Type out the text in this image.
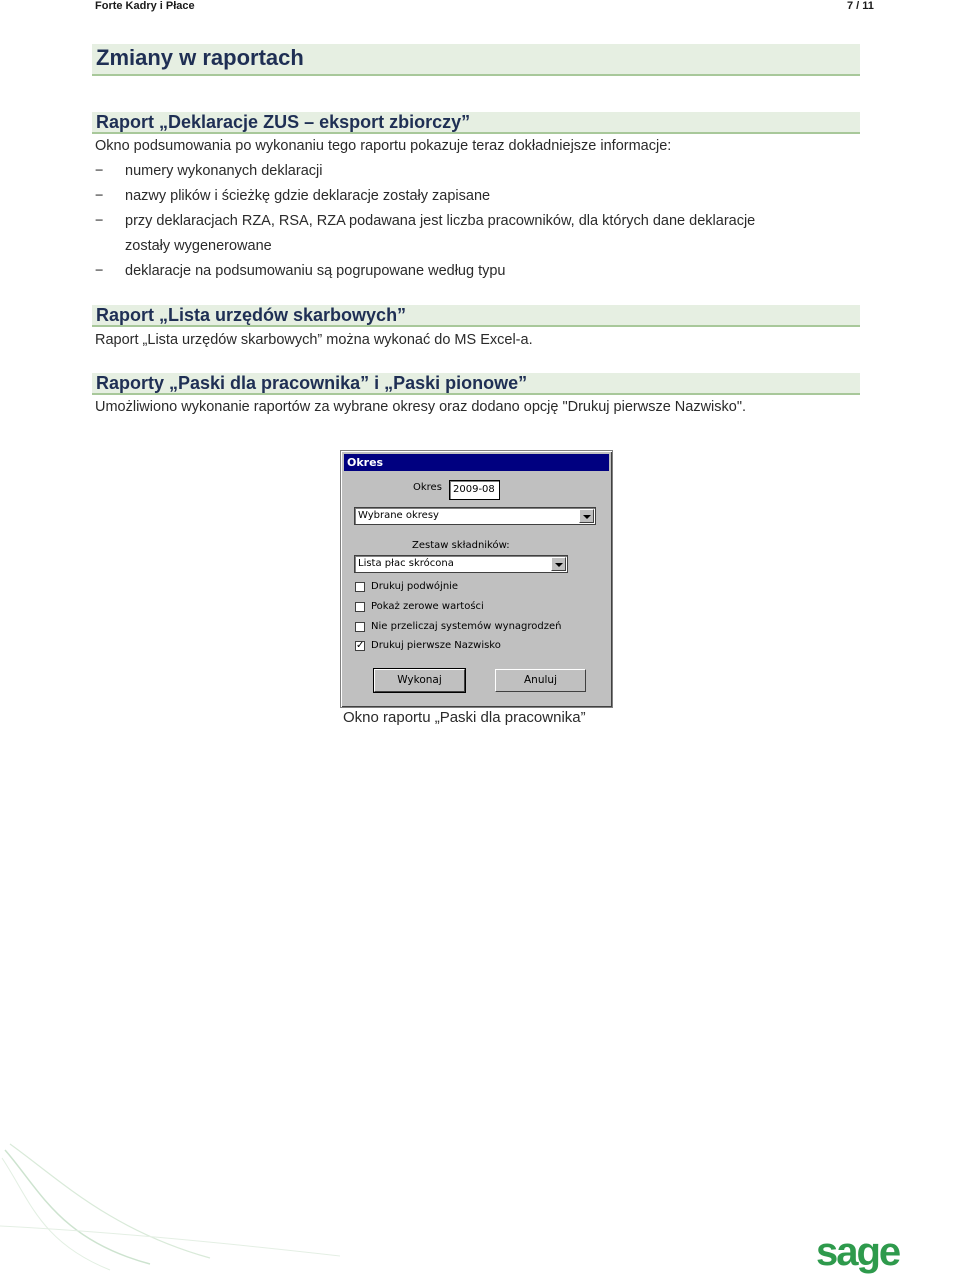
Forte Kadry i Płace	7 / 11
Zmiany w raportach
Raport „Deklaracje ZUS – eksport zbiorczy”
Okno podsumowania po wykonaniu tego raportu pokazuje teraz dokładniejsze informacje:
− numery wykonanych deklaracji
− nazwy plików i ścieżkę gdzie deklaracje zostały zapisane
− przy deklaracjach RZA, RSA, RZA podawana jest liczba pracowników, dla których dane deklaracje
zostały wygenerowane
− deklaracje na podsumowaniu są pogrupowane według typu
Raport „Lista urzędów skarbowych”
Raport „Lista urzędów skarbowych” można wykonać do MS Excel-a.
Raporty „Paski dla pracownika” i „Paski pionowe”
Umożliwiono wykonanie raportów za wybrane okresy oraz dodano opcję "Drukuj pierwsze Nazwisko".
Okres
Okres	2009-08
Wybrane okresy
Zestaw składników:
Lista płac skrócona
Drukuj podwójnie
Pokaż zerowe wartości
Nie przeliczaj systemów wynagrodzeń
✓ Drukuj pierwsze Nazwisko
Wykonaj	Anuluj
Okno raportu „Paski dla pracownika”
sage
